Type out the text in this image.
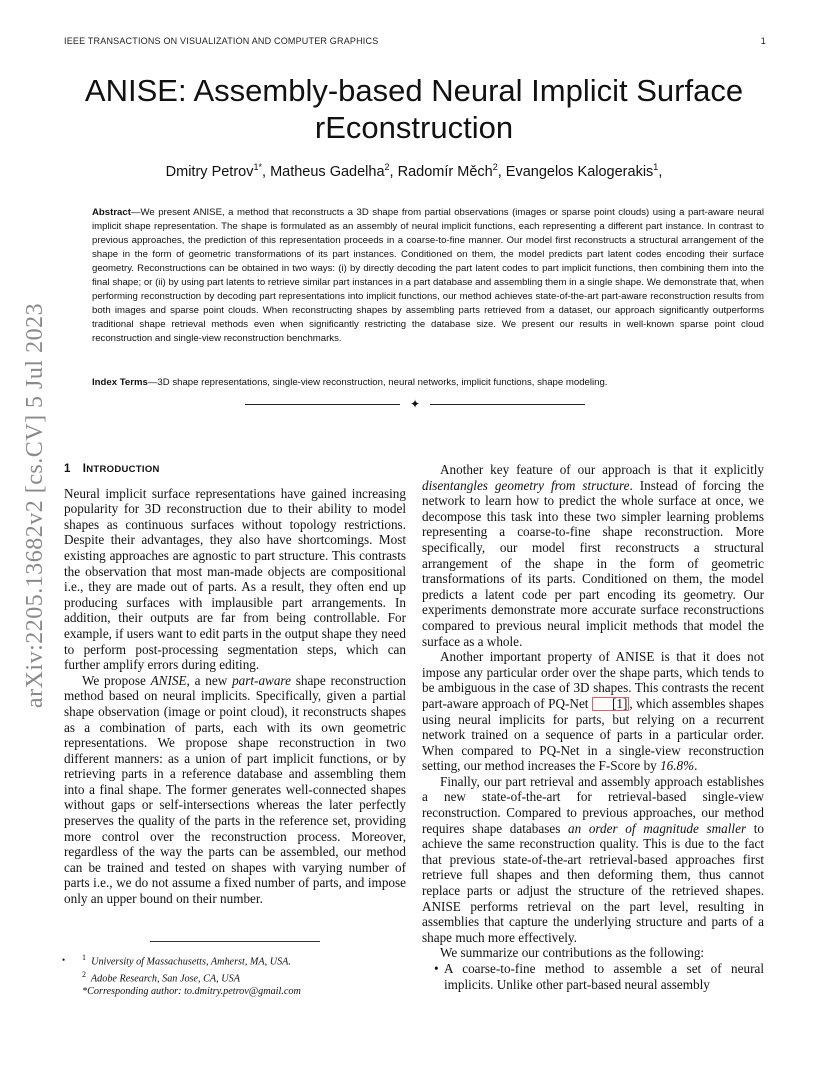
IEEE TRANSACTIONS ON VISUALIZATION AND COMPUTER GRAPHICS	1
ANISE: Assembly-based Neural Implicit Surface
rEconstruction
Dmitry Petrov$^{1*}$, Matheus Gadelha$^2$, Radomír Měch$^2$, Evangelos Kalogerakis$^1$,
Abstract—We present ANISE, a method that reconstructs a 3D shape from partial observations (images or sparse point clouds) using a part-aware neural implicit shape representation. The shape is formulated as an assembly of neural implicit functions, each representing a different part instance. In contrast to previous approaches, the prediction of this representation proceeds in a coarse-to-fine manner. Our model first reconstructs a structural arrangement of the shape in the form of geometric transformations of its part instances. Conditioned on them, the model predicts part latent codes encoding their surface geometry. Reconstructions can be obtained in two ways: (i) by directly decoding the part latent codes to part implicit functions, then combining them into the final shape; or (ii) by using part latents to retrieve similar part instances in a part database and assembling them in a single shape. We demonstrate that, when performing reconstruction by decoding part representations into implicit functions, our method achieves state-of-the-art part-aware reconstruction results from both images and sparse point clouds. When reconstructing shapes by assembling parts retrieved from a dataset, our approach significantly outperforms traditional shape retrieval methods even when significantly restricting the database size. We present our results in well-known sparse point cloud reconstruction and single-view reconstruction benchmarks.
Index Terms—3D shape representations, single-view reconstruction, neural networks, implicit functions, shape modeling.
✦
arXiv:2205.13682v2 [cs.CV] 5 Jul 2023 1 INTRODUCTION

Neural implicit surface representations have gained increasing popularity for 3D reconstruction due to their ability to model shapes as continuous surfaces without topology restrictions. Despite their advantages, they also have shortcomings. Most existing approaches are agnostic to part structure. This contrasts the observation that most man-made objects are compositional i.e., they are made out of parts. As a result, they often end up producing surfaces with implausible part arrangements. In addition, their outputs are far from being controllable. For example, if users want to edit parts in the output shape they need to perform post-processing segmentation steps, which can further amplify errors during editing.

We propose ANISE, a new part-aware shape reconstruction method based on neural implicits. Specifically, given a partial shape observation (image or point cloud), it reconstructs shapes as a combination of parts, each with its own geometric representations. We propose shape reconstruction in two different manners: as a union of part implicit functions, or by retrieving parts in a reference database and assembling them into a final shape. The former generates well-connected shapes without gaps or self-intersections whereas the later perfectly preserves the quality of the parts in the reference set, providing more control over the reconstruction process. Moreover, regardless of the way the parts can be assembled, our method can be trained and tested on shapes with varying number of parts i.e., we do not assume a fixed number of parts, and impose only an upper bound on their number.

• $^1$ University of Massachusetts, Amherst, MA, USA.
$^2$ Adobe Research, San Jose, CA, USA
*Corresponding author: to.dmitry.petrov@gmail.com

Another key feature of our approach is that it explicitly disentangles geometry from structure. Instead of forcing the network to learn how to predict the whole surface at once, we decompose this task into these two simpler learning problems representing a coarse-to-fine shape reconstruction. More specifically, our model first reconstructs a structural arrangement of the shape in the form of geometric transformations of its parts. Conditioned on them, the model predicts a latent code per part encoding its geometry. Our experiments demonstrate more accurate surface reconstructions compared to previous neural implicit methods that model the surface as a whole.

Another important property of ANISE is that it does not impose any particular order over the shape parts, which tends to be ambiguous in the case of 3D shapes. This contrasts the recent part-aware approach of PQ-Net [1] , which assembles shapes using neural implicits for parts, but relying on a recurrent network trained on a sequence of parts in a particular order. When compared to PQ-Net in a single-view reconstruction setting, our method increases the F-Score by 16.8%.

Finally, our part retrieval and assembly approach establishes a new state-of-the-art for retrieval-based single-view reconstruction. Compared to previous approaches, our method requires shape databases an order of magnitude smaller to achieve the same reconstruction quality. This is due to the fact that previous state-of-the-art retrieval-based approaches first retrieve full shapes and then deforming them, thus cannot replace parts or adjust the structure of the retrieved shapes. ANISE performs retrieval on the part level, resulting in assemblies that capture the underlying structure and parts of a shape much more effectively.

We summarize our contributions as the following:

• A coarse-to-fine method to assemble a set of neural implicits. Unlike other part-based neural assembly
